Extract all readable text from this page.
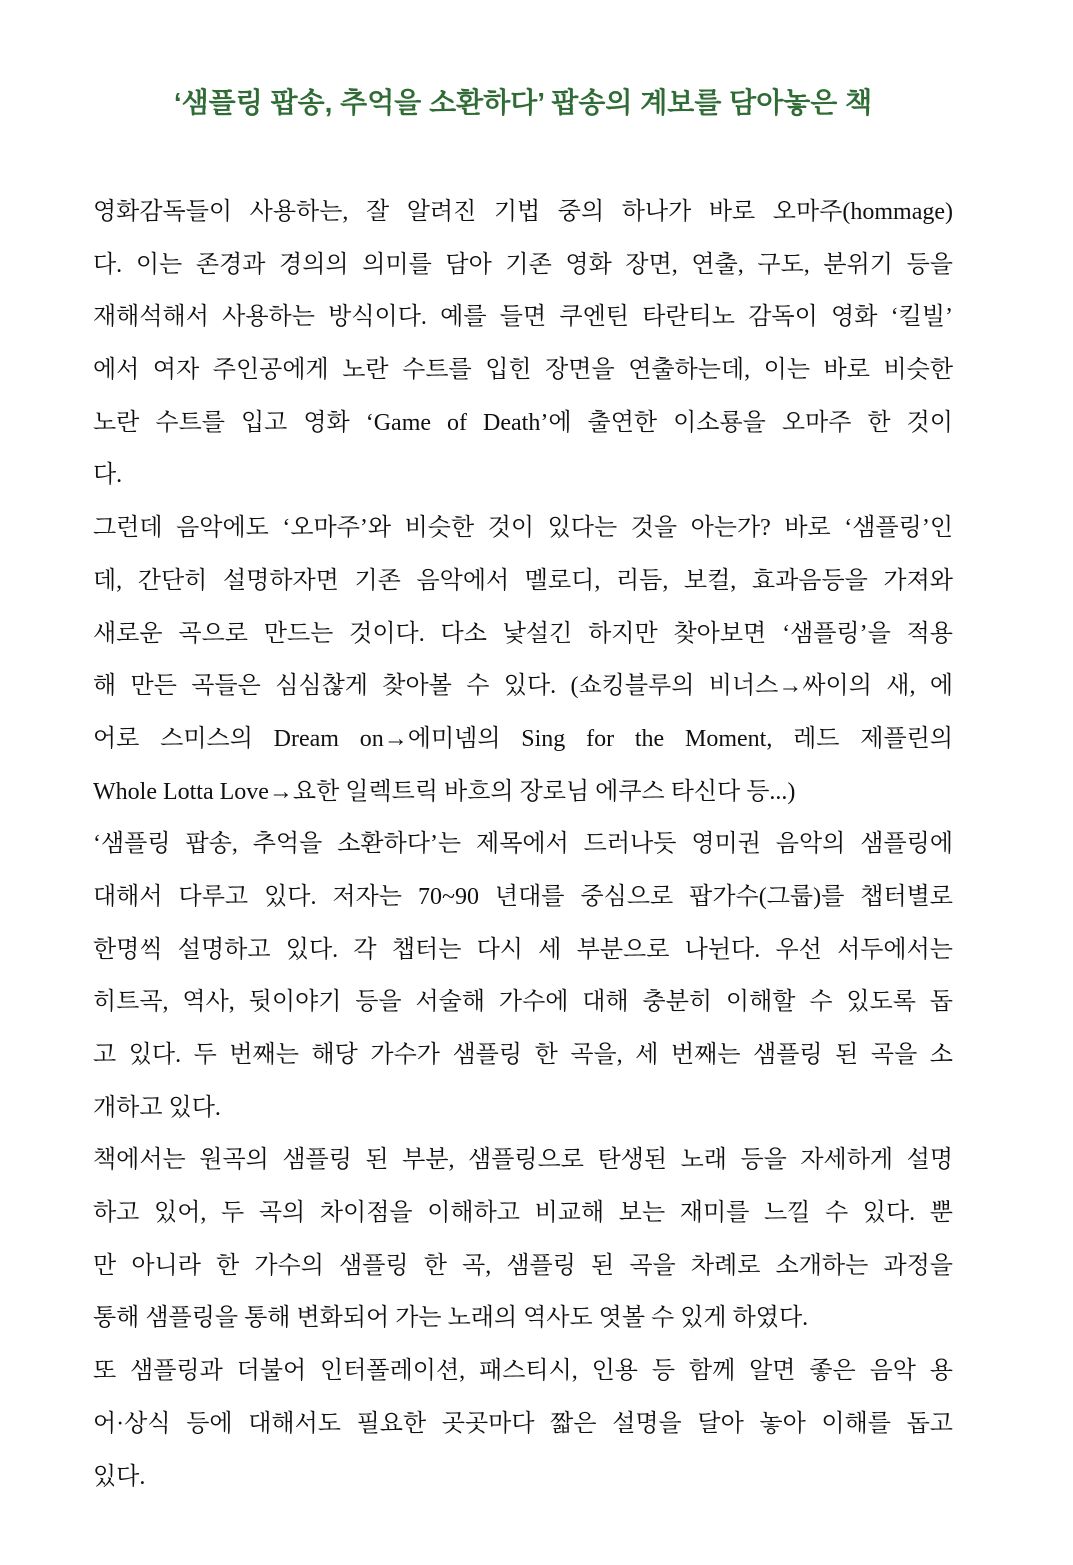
‘샘플링 팝송, 추억을 소환하다’ 팝송의 계보를 담아놓은 책
영화감독들이 사용하는, 잘 알려진 기법 중의 하나가 바로 오마주(hommage)
다. 이는 존경과 경의의 의미를 담아 기존 영화 장면, 연출, 구도, 분위기 등을
재해석해서 사용하는 방식이다. 예를 들면 쿠엔틴 타란티노 감독이 영화 ‘킬빌’
에서 여자 주인공에게 노란 수트를 입힌 장면을 연출하는데, 이는 바로 비슷한
노란 수트를 입고 영화 ‘Game of Death’에 출연한 이소룡을 오마주 한 것이
다.
그런데 음악에도 ‘오마주’와 비슷한 것이 있다는 것을 아는가? 바로 ‘샘플링’인
데, 간단히 설명하자면 기존 음악에서 멜로디, 리듬, 보컬, 효과음등을 가져와
새로운 곡으로 만드는 것이다. 다소 낯설긴 하지만 찾아보면 ‘샘플링’을 적용
해 만든 곡들은 심심찮게 찾아볼 수 있다. (쇼킹블루의 비너스→싸이의 새, 에
어로 스미스의 Dream on→에미넴의 Sing for the Moment, 레드 제플린의
Whole Lotta Love→요한 일렉트릭 바흐의 장로님 에쿠스 타신다 등...)
‘샘플링 팝송, 추억을 소환하다’는 제목에서 드러나듯 영미권 음악의 샘플링에
대해서 다루고 있다. 저자는 70~90 년대를 중심으로 팝가수(그룹)를 챕터별로
한명씩 설명하고 있다. 각 챕터는 다시 세 부분으로 나뉜다. 우선 서두에서는
히트곡, 역사, 뒷이야기 등을 서술해 가수에 대해 충분히 이해할 수 있도록 돕
고 있다. 두 번째는 해당 가수가 샘플링 한 곡을, 세 번째는 샘플링 된 곡을 소
개하고 있다.
책에서는 원곡의 샘플링 된 부분, 샘플링으로 탄생된 노래 등을 자세하게 설명
하고 있어, 두 곡의 차이점을 이해하고 비교해 보는 재미를 느낄 수 있다. 뿐
만 아니라 한 가수의 샘플링 한 곡, 샘플링 된 곡을 차례로 소개하는 과정을
통해 샘플링을 통해 변화되어 가는 노래의 역사도 엿볼 수 있게 하였다.
또 샘플링과 더불어 인터폴레이션, 패스티시, 인용 등 함께 알면 좋은 음악 용
어·상식 등에 대해서도 필요한 곳곳마다 짧은 설명을 달아 놓아 이해를 돕고
있다.
